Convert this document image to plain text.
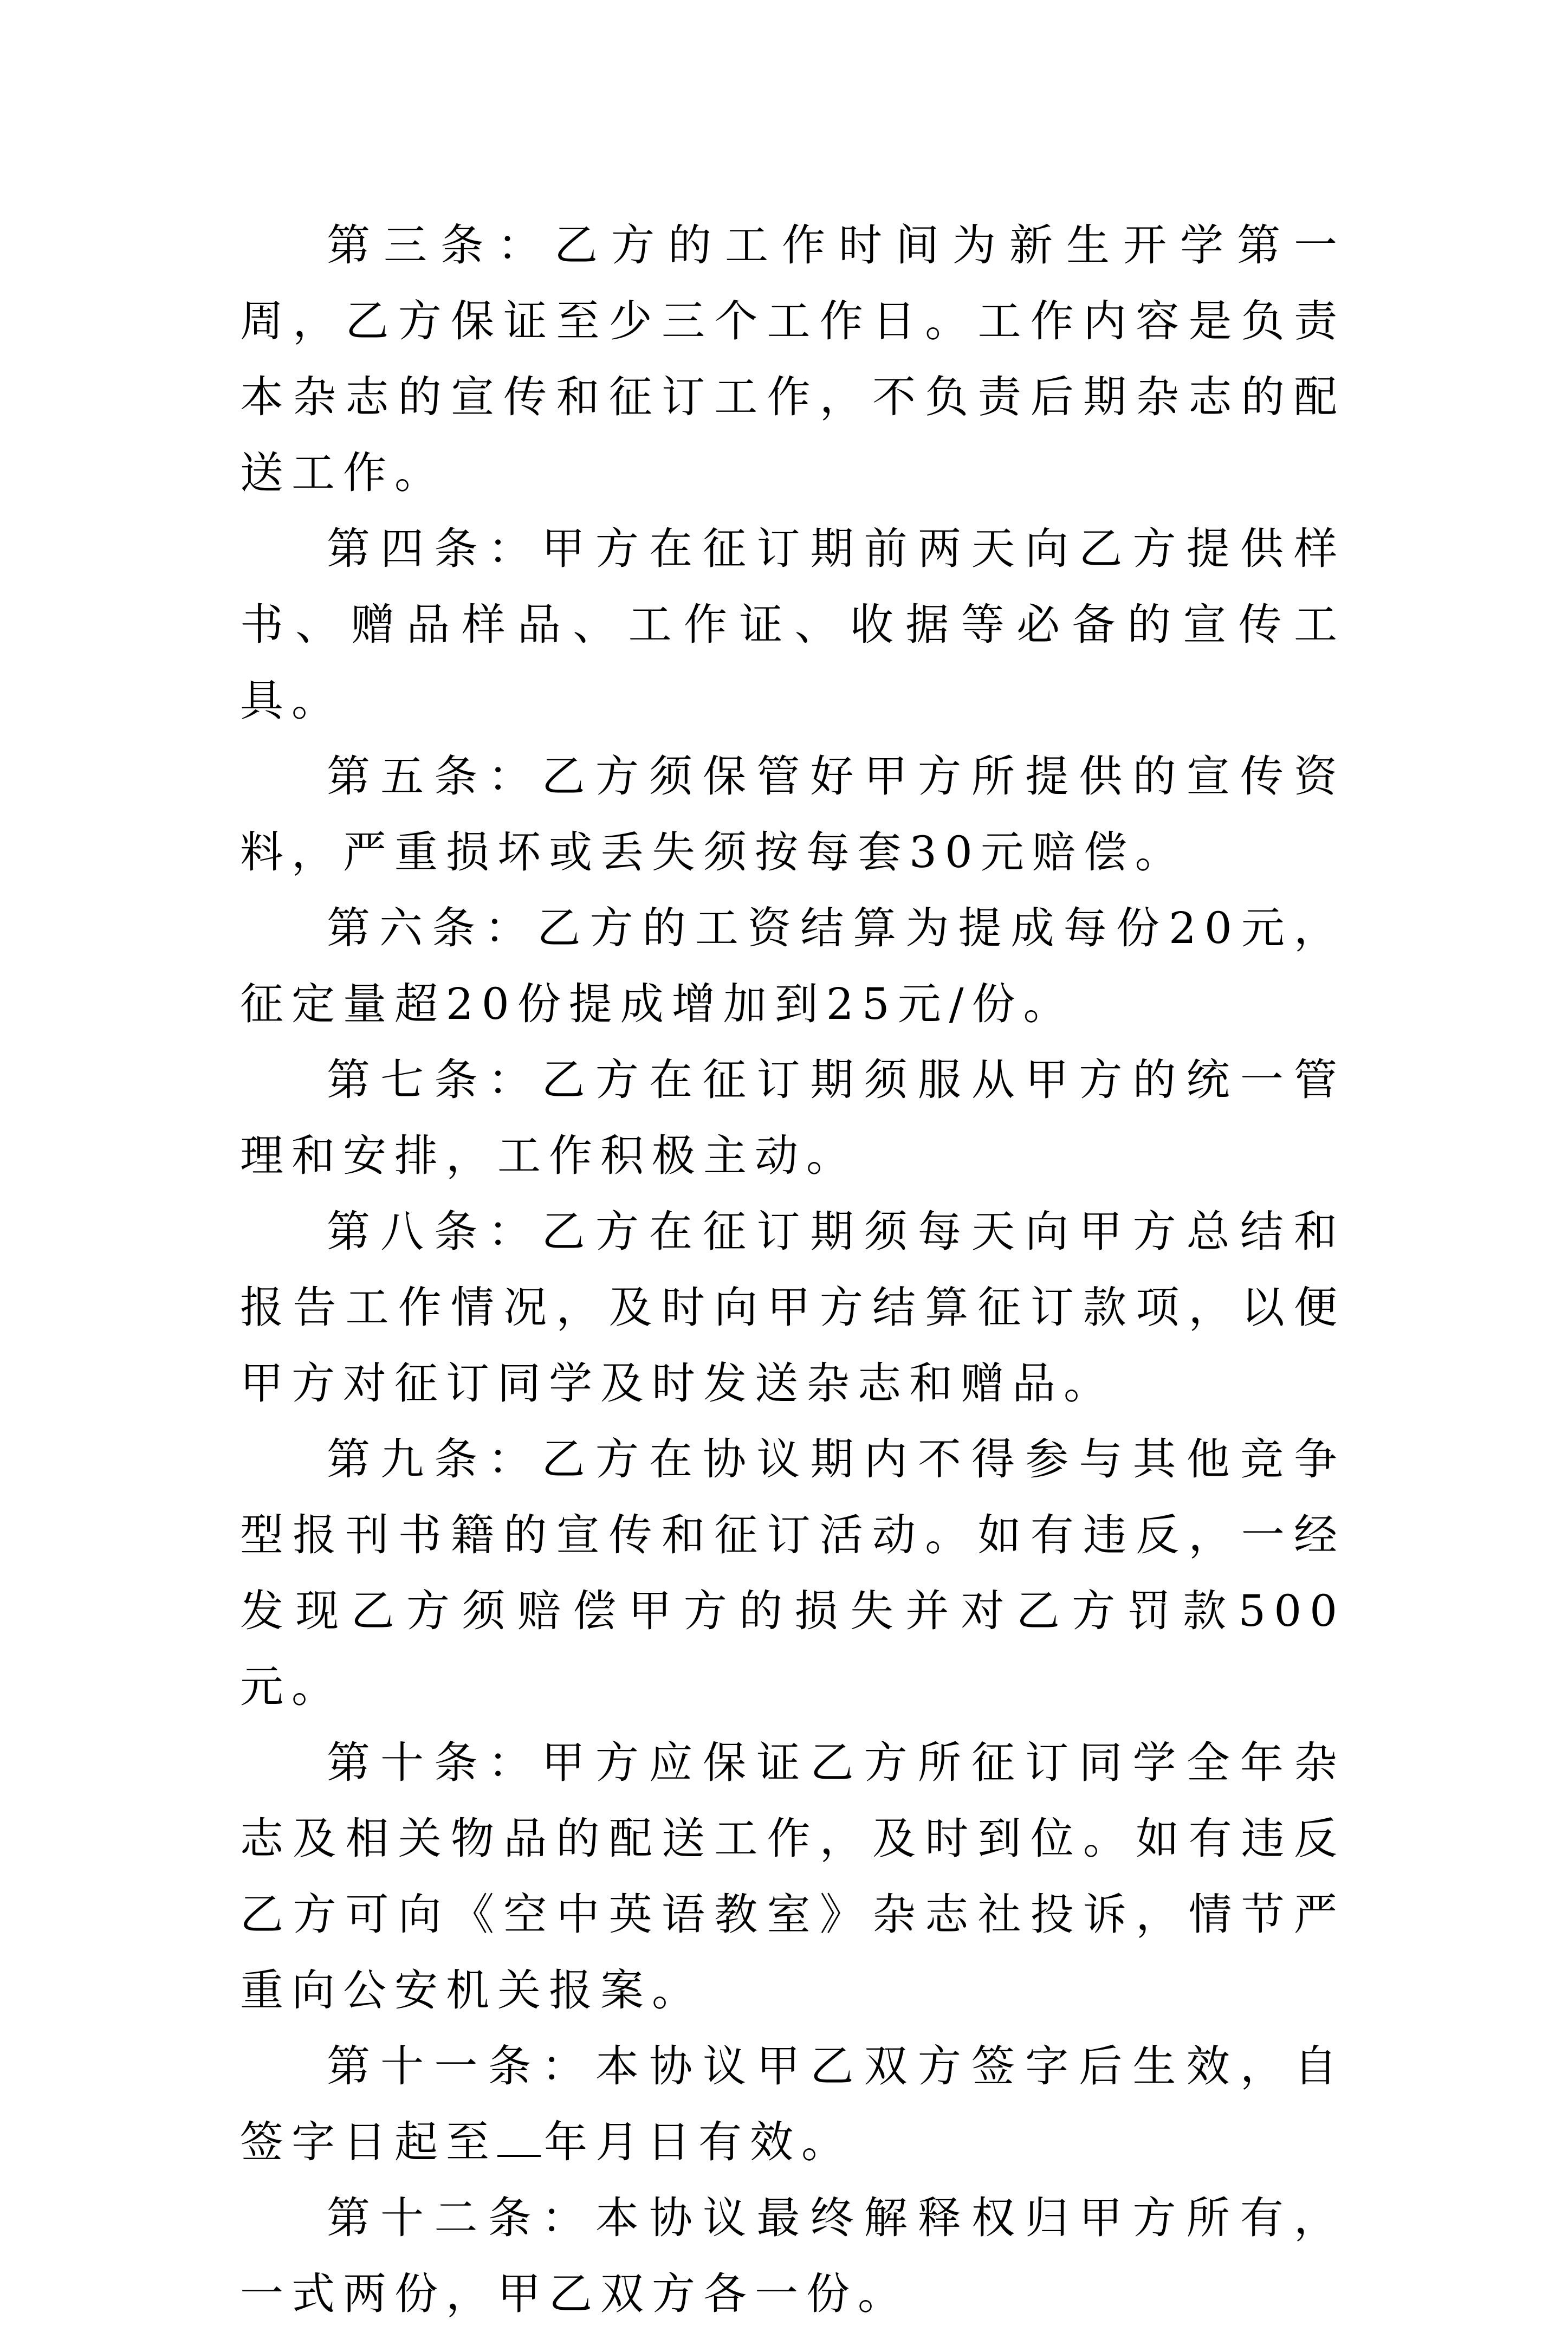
第三条：乙方的工作时间为新生开学第一周，乙方保证至少三个工作日。工作内容是负责本杂志的宣传和征订工作，不负责后期杂志的配送工作。

第四条：甲方在征订期前两天向乙方提供样书、赠品样品、工作证、收据等必备的宣传工具。

第五条：乙方须保管好甲方所提供的宣传资料，严重损坏或丢失须按每套30元赔偿。

第六条：乙方的工资结算为提成每份20元，征定量超20份提成增加到25元/份。

第七条：乙方在征订期须服从甲方的统一管理和安排，工作积极主动。

第八条：乙方在征订期须每天向甲方总结和报告工作情况，及时向甲方结算征订款项，以便甲方对征订同学及时发送杂志和赠品。

第九条：乙方在协议期内不得参与其他竞争型报刊书籍的宣传和征订活动。如有违反，一经发现乙方须赔偿甲方的损失并对乙方罚款500元。

第十条：甲方应保证乙方所征订同学全年杂志及相关物品的配送工作，及时到位。如有违反乙方可向《空中英语教室》杂志社投诉，情节严重向公安机关报案。

第十一条：本协议甲乙双方签字后生效，自签字日起至 年月日有效。

第十二条：本协议最终解释权归甲方所有，一式两份，甲乙双方各一份。
